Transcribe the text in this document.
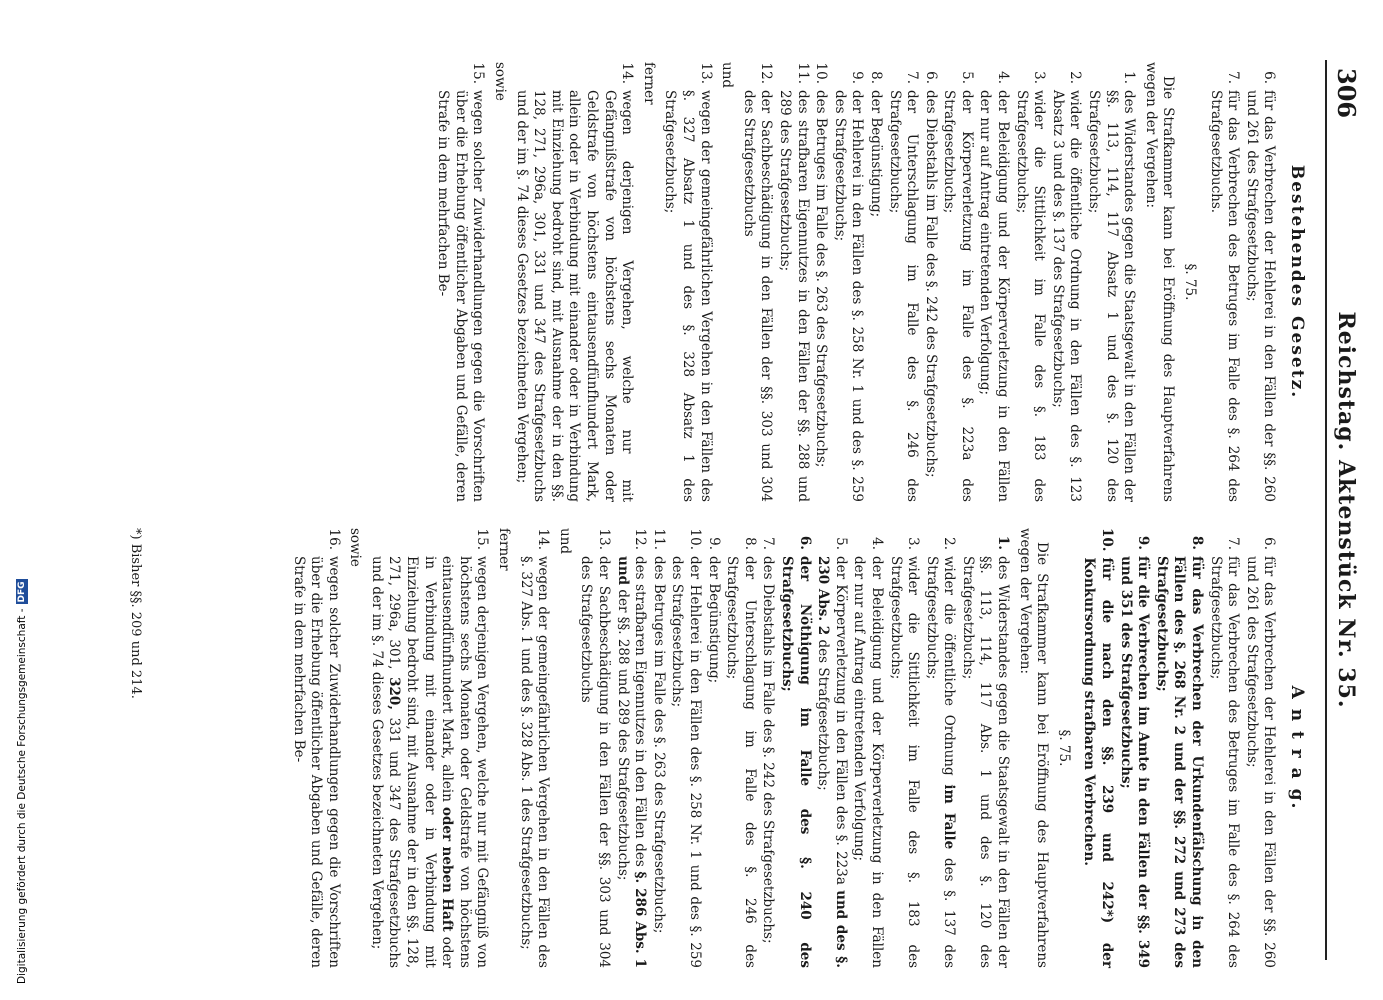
306
Reichstag. Aktenstück Nr. 35.
Bestehendes Gesetz.
6.
für das Verbrechen der Hehlerei in den Fällen der §§. 260 und 261 des Strafgesetzbuchs;
7.
für das Verbrechen des Betruges im Falle des §. 264 des Strafgesetzbuchs.
§. 75.
Die Strafkammer kann bei Eröffnung des Hauptverfahrens wegen der Vergehen:
1.
des Widerstandes gegen die Staatsgewalt in den Fällen der §§. 113, 114, 117 Absatz 1 und des §. 120 des Strafgesetzbuchs;
2.
wider die öffentliche Ordnung in den Fällen des §. 123 Absatz 3 und des §. 137 des Strafgesetzbuchs;
3.
wider die Sittlichkeit im Falle des §. 183 des Strafgesetzbuchs;
4.
der Beleidigung und der Körperverletzung in den Fällen der nur auf Antrag eintretenden Verfolgung;
5.
der Körperverletzung im Falle des §. 223a des Strafgesetzbuchs;
6.
des Diebstahls im Falle des §. 242 des Strafgesetzbuchs;
7.
der Unterschlagung im Falle des §. 246 des Strafgesetzbuchs;
8.
der Begünstigung;
9.
der Hehlerei in den Fällen des §. 258 Nr. 1 und des §. 259 des Strafgesetzbuchs;
10.
des Betruges im Falle des §. 263 des Strafgesetzbuchs;
11.
des strafbaren Eigennutzes in den Fällen der §§. 288 und 289 des Strafgesetzbuchs;
12.
der Sachbeschädigung in den Fällen der §§. 303 und 304 des Strafgesetzbuchs
und
13.
wegen der gemeingefährlichen Vergehen in den Fällen des §. 327 Absatz 1 und des §. 328 Absatz 1 des Strafgesetzbuchs;
ferner
14.
wegen derjenigen Vergehen, welche nur mit Gefängnißstrafe von höchstens sechs Monaten oder Geldstrafe von höchstens eintausendfünfhundert Mark, allein oder in Verbindung mit einander oder in Verbindung mit Einziehung bedroht sind, mit Ausnahme der in den §§. 128, 271, 296a, 301, 331 und 347 des Strafgesetzbuchs und der im §. 74 dieses Gesetzes bezeichneten Vergehen;
sowie
15.
wegen solcher Zuwiderhandlungen gegen die Vorschriften über die Erhebung öffentlicher Abgaben und Gefälle, deren Strafe in dem mehrfachen Be-
A n t r a g.
6.
für das Verbrechen der Hehlerei in den Fällen der §§. 260 und 261 des Strafgesetzbuchs;
7.
für das Verbrechen des Betruges im Falle des §. 264 des Strafgesetzbuchs;
8.
für das Verbrechen der Urkundenfälschung in den Fällen des §. 268 Nr. 2 und der §§. 272 und 273 des Strafgesetzbuchs;
9.
für die Verbrechen im Amte in den Fällen der §§. 349 und 351 des Strafgesetzbuchs;
10.
für die nach den §§. 239 und 242*) der Konkursordnung strafbaren Verbrechen.
§. 75.
Die Strafkammer kann bei Eröffnung des Hauptverfahrens wegen der Vergehen:
1.
des Widerstandes gegen die Staatsgewalt in den Fällen der §§. 113, 114, 117 Abs. 1 und des §. 120 des Strafgesetzbuchs;
2.
wider die öffentliche Ordnung im Falle des §. 137 des Strafgesetzbuchs;
3.
wider die Sittlichkeit im Falle des §. 183 des Strafgesetzbuchs;
4.
der Beleidigung und der Körperverletzung in den Fällen der nur auf Antrag eintretenden Verfolgung;
5.
der Körperverletzung in den Fällen des §. 223a und des §. 230 Abs. 2 des Strafgesetzbuchs;
6.
der Nöthigung im Falle des §. 240 des Strafgesetzbuchs;
7.
des Diebstahls im Falle des §. 242 des Strafgesetzbuchs;
8.
der Unterschlagung im Falle des §. 246 des Strafgesetzbuchs;
9.
der Begünstigung;
10.
der Hehlerei in den Fällen des §. 258 Nr. 1 und des §. 259 des Strafgesetzbuchs;
11.
des Betruges im Falle des §. 263 des Strafgesetzbuchs;
12.
des strafbaren Eigennutzes in den Fällen des §. 286 Abs. 1 und der §§. 288 und 289 des Strafgesetzbuchs;
13.
der Sachbeschädigung in den Fällen der §§. 303 und 304 des Strafgesetzbuchs
und
14.
wegen der gemeingefährlichen Vergehen in den Fällen des §. 327 Abs. 1 und des §. 328 Abs. 1 des Strafgesetzbuchs;
ferner
15.
wegen derjenigen Vergehen, welche nur mit Gefängniß von höchstens sechs Monaten oder Geldstrafe von höchstens eintausendfünfhundert Mark, allein oder neben Haft oder in Verbindung mit einander oder in Verbindung mit Einziehung bedroht sind, mit Ausnahme der in den §§. 128, 271, 296a, 301, 320, 331 und 347 des Strafgesetzbuchs und der im §. 74 dieses Gesetzes bezeichneten Vergehen;
sowie
16.
wegen solcher Zuwiderhandlungen gegen die Vorschriften über die Erhebung öffentlicher Abgaben und Gefälle, deren Strafe in dem mehrfachen Be-
*) Bisher §§. 209 und 214.
Digitalisierung gefördert durch die Deutsche Forschungsgemeinschaft -DFG
